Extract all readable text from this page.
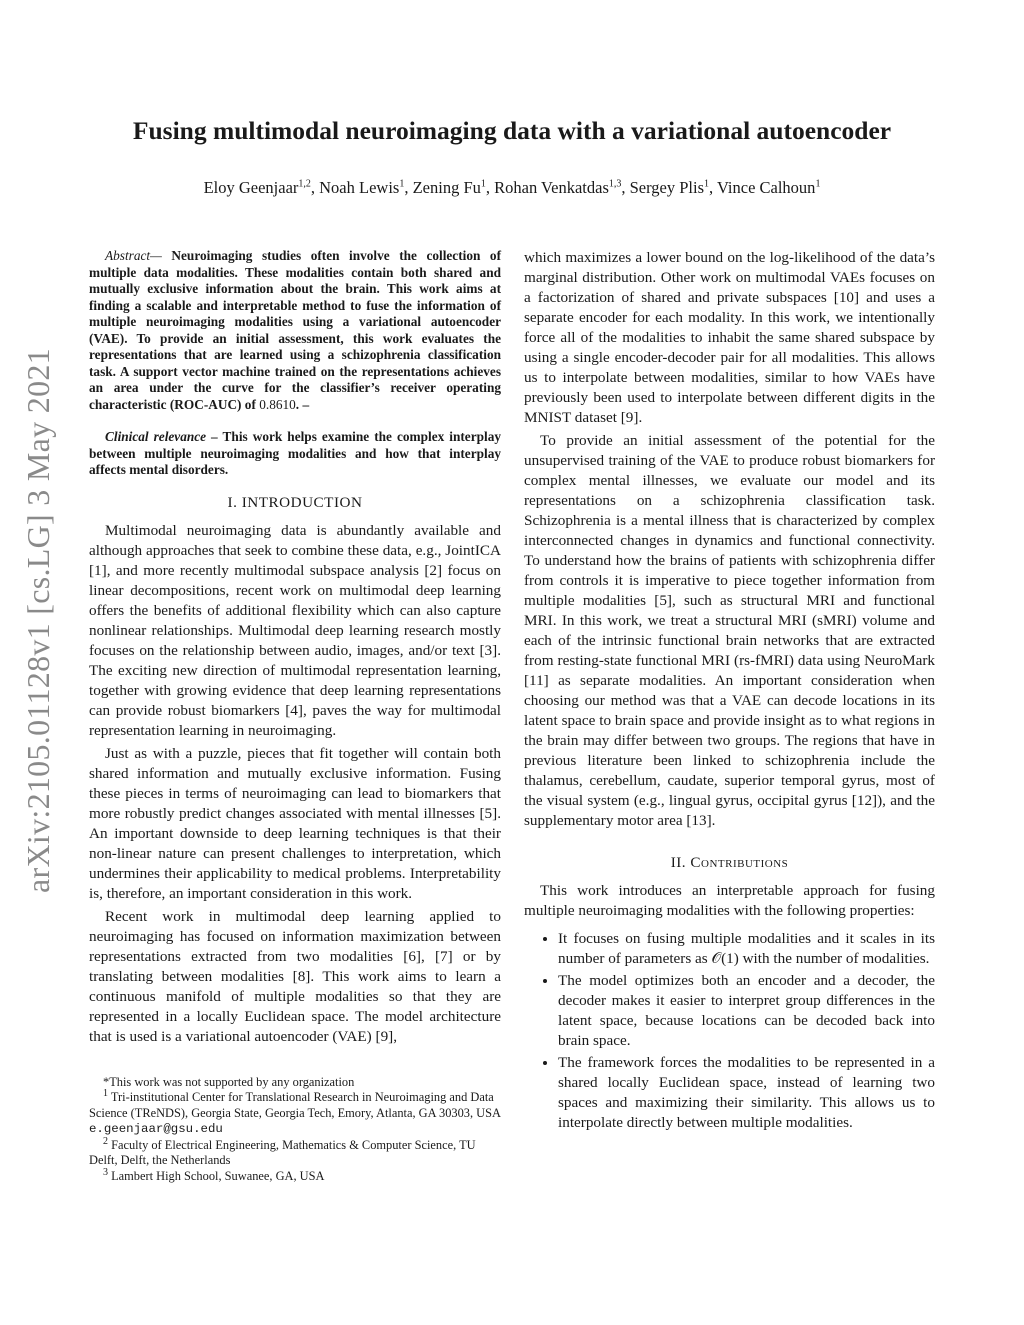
arXiv:2105.01128v1 [cs.LG] 3 May 2021
Fusing multimodal neuroimaging data with a variational autoencoder
Eloy Geenjaar$^{1,2}$, Noah Lewis$^1$, Zening Fu$^1$, Rohan Venkatdas$^{1,3}$, Sergey Plis$^1$, Vince Calhoun$^1$

Abstract— Neuroimaging studies often involve the collection of multiple data modalities. These modalities contain both shared and mutually exclusive information about the brain. This work aims at finding a scalable and interpretable method to fuse the information of multiple neuroimaging modalities using a variational autoencoder (VAE). To provide an initial assessment, this work evaluates the representations that are learned using a schizophrenia classification task. A support vector machine trained on the representations achieves an area under the curve for the classifier’s receiver operating characteristic (ROC-AUC) of 0.8610. –

Clinical relevance – This work helps examine the complex interplay between multiple neuroimaging modalities and how that interplay affects mental disorders.

I. INTRODUCTION

Multimodal neuroimaging data is abundantly available and although approaches that seek to combine these data, e.g., JointICA [1], and more recently multimodal subspace analysis [2] focus on linear decompositions, recent work on multimodal deep learning offers the benefits of additional flexibility which can also capture nonlinear relationships. Multimodal deep learning research mostly focuses on the relationship between audio, images, and/or text [3]. The exciting new direction of multimodal representation learning, together with growing evidence that deep learning representations can provide robust biomarkers [4], paves the way for multimodal representation learning in neuroimaging.

Just as with a puzzle, pieces that fit together will contain both shared information and mutually exclusive information. Fusing these pieces in terms of neuroimaging can lead to biomarkers that more robustly predict changes associated with mental illnesses [5]. An important downside to deep learning techniques is that their non-linear nature can present challenges to interpretation, which undermines their applicability to medical problems. Interpretability is, therefore, an important consideration in this work.

Recent work in multimodal deep learning applied to neuroimaging has focused on information maximization between representations extracted from two modalities [6], [7] or by translating between modalities [8]. This work aims to learn a continuous manifold of multiple modalities so that they are represented in a locally Euclidean space. The model architecture that is used is a variational autoencoder (VAE) [9],

*This work was not supported by any organization

$^1$ Tri-institutional Center for Translational Research in Neuroimaging and Data Science (TReNDS), Georgia State, Georgia Tech, Emory, Atlanta, GA 30303, USA e.geenjaar@gsu.edu

$^2$ Faculty of Electrical Engineering, Mathematics & Computer Science, TU Delft, Delft, the Netherlands

$^3$ Lambert High School, Suwanee, GA, USA

which maximizes a lower bound on the log-likelihood of the data’s marginal distribution. Other work on multimodal VAEs focuses on a factorization of shared and private subspaces [10] and uses a separate encoder for each modality. In this work, we intentionally force all of the modalities to inhabit the same shared subspace by using a single encoder-decoder pair for all modalities. This allows us to interpolate between modalities, similar to how VAEs have previously been used to interpolate between different digits in the MNIST dataset [9].

To provide an initial assessment of the potential for the unsupervised training of the VAE to produce robust biomarkers for complex mental illnesses, we evaluate our model and its representations on a schizophrenia classification task. Schizophrenia is a mental illness that is characterized by complex interconnected changes in dynamics and functional connectivity. To understand how the brains of patients with schizophrenia differ from controls it is imperative to piece together information from multiple modalities [5], such as structural MRI and functional MRI. In this work, we treat a structural MRI (sMRI) volume and each of the intrinsic functional brain networks that are extracted from resting-state functional MRI (rs-fMRI) data using NeuroMark [11] as separate modalities. An important consideration when choosing our method was that a VAE can decode locations in its latent space to brain space and provide insight as to what regions in the brain may differ between two groups. The regions that have in previous literature been linked to schizophrenia include the thalamus, cerebellum, caudate, superior temporal gyrus, most of the visual system (e.g., lingual gyrus, occipital gyrus [12]), and the supplementary motor area [13].

II. Contributions

This work introduces an interpretable approach for fusing multiple neuroimaging modalities with the following properties:

• It focuses on fusing multiple modalities and it scales in its number of parameters as 𝒪(1) with the number of modalities.
• The model optimizes both an encoder and a decoder, the decoder makes it easier to interpret group differences in the latent space, because locations can be decoded back into brain space.
• The framework forces the modalities to be represented in a shared locally Euclidean space, instead of learning two spaces and maximizing their similarity. This allows us to interpolate directly between multiple modalities.
